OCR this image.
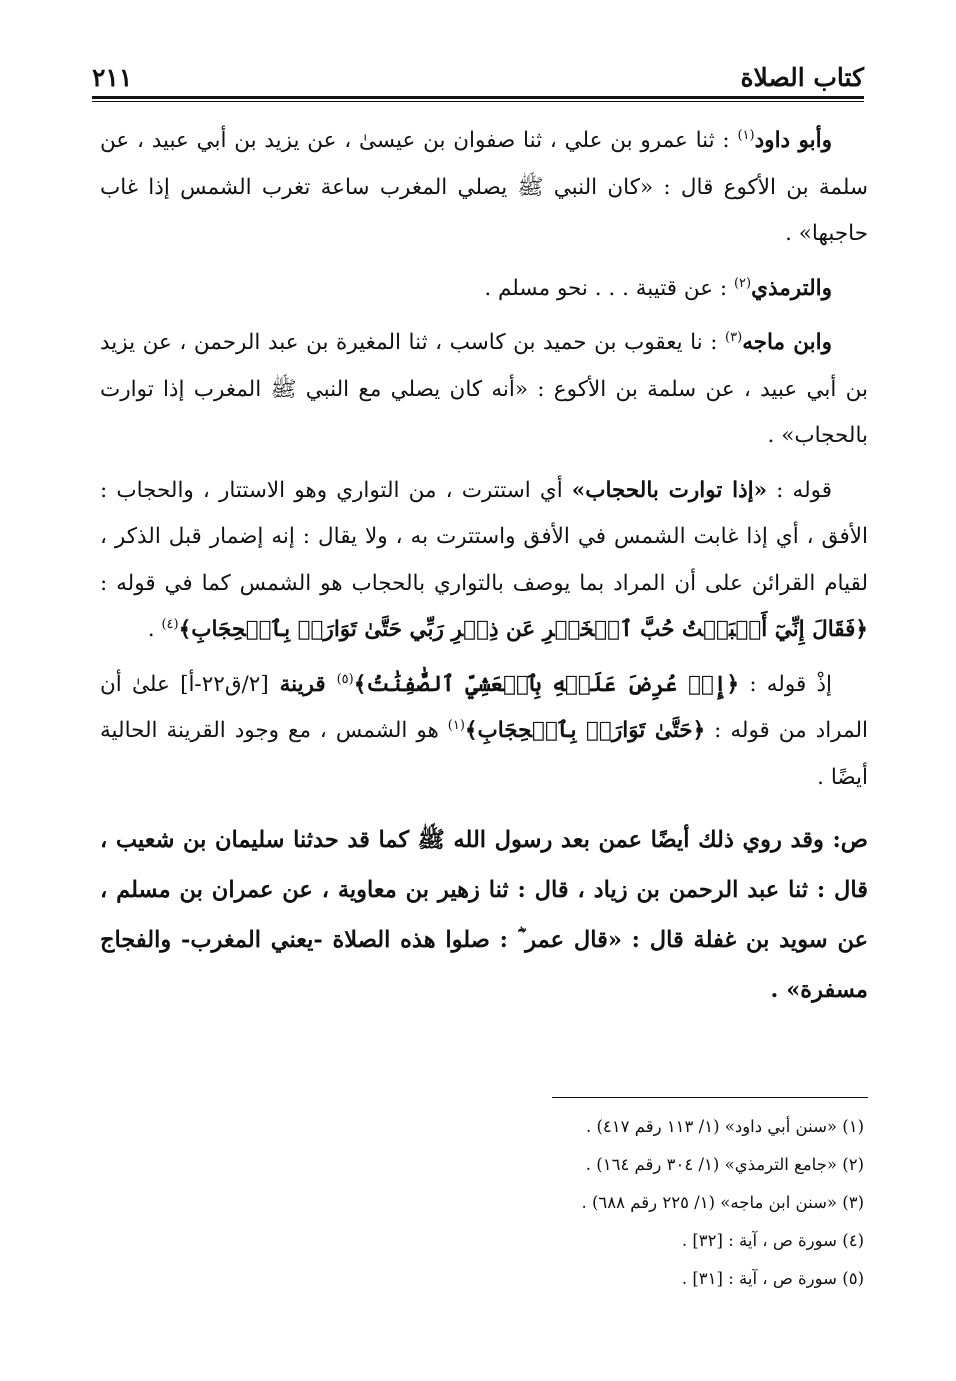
كتاب الصلاة
٢١١

وأبو داود$^{(١)}$ : ثنا عمرو بن علي ، ثنا صفوان بن عيسىٰ ، عن يزيد بن أبي عبيد ، عن سلمة بن الأكوع قال : «كان النبي ﷺ يصلي المغرب ساعة تغرب الشمس إذا غاب حاجبها» .

والترمذي$^{(٢)}$ : عن قتيبة . . . نحو مسلم .

وابن ماجه$^{(٣)}$ : نا يعقوب بن حميد بن كاسب ، ثنا المغيرة بن عبد الرحمن ، عن يزيد بن أبي عبيد ، عن سلمة بن الأكوع : «أنه كان يصلي مع النبي ﷺ المغرب إذا توارت بالحجاب» .

قوله : «إذا توارت بالحجاب» أي استترت ، من التواري وهو الاستتار ، والحجاب : الأفق ، أي إذا غابت الشمس في الأفق واستترت به ، ولا يقال : إنه إضمار قبل الذكر ، لقيام القرائن على أن المراد بما يوصف بالتواري بالحجاب هو الشمس كما في قوله : ﴿فَقَالَ إِنِّيٓ أَحۡبَبۡتُ حُبَّ ٱلۡخَيۡرِ عَن ذِكۡرِ رَبِّي حَتَّىٰ تَوَارَتۡ بِٱلۡحِجَابِ﴾$^{(٤)}$ .

إذْ قوله : ﴿إِذۡ عُرِضَ عَلَيۡهِ بِٱلۡعَشِيِّ ٱلصَّٰفِنَٰتُ﴾$^{(٥)}$ قرينة [٢/ق٢٢-أ] علىٰ أن المراد من قوله : ﴿حَتَّىٰ تَوَارَتۡ بِٱلۡحِجَابِ﴾$^{(١)}$ هو الشمس ، مع وجود القرينة الحالية أيضًا .

ص: وقد روي ذلك أيضًا عمن بعد رسول الله ﷺ كما قد حدثنا سليمان بن شعيب ، قال : ثنا عبد الرحمن بن زياد ، قال : ثنا زهير بن معاوية ، عن عمران بن مسلم ، عن سويد بن غفلة قال : «قال عمر ؓ : صلوا هذه الصلاة -يعني المغرب- والفجاج مسفرة» .

(١) «سنن أبي داود» (١/ ١١٣ رقم ٤١٧) .

(٢) «جامع الترمذي» (١/ ٣٠٤ رقم ١٦٤) .

(٣) «سنن ابن ماجه» (١/ ٢٢٥ رقم ٦٨٨) .

(٤) سورة ص ، آية : [٣٢] .

(٥) سورة ص ، آية : [٣١] .
